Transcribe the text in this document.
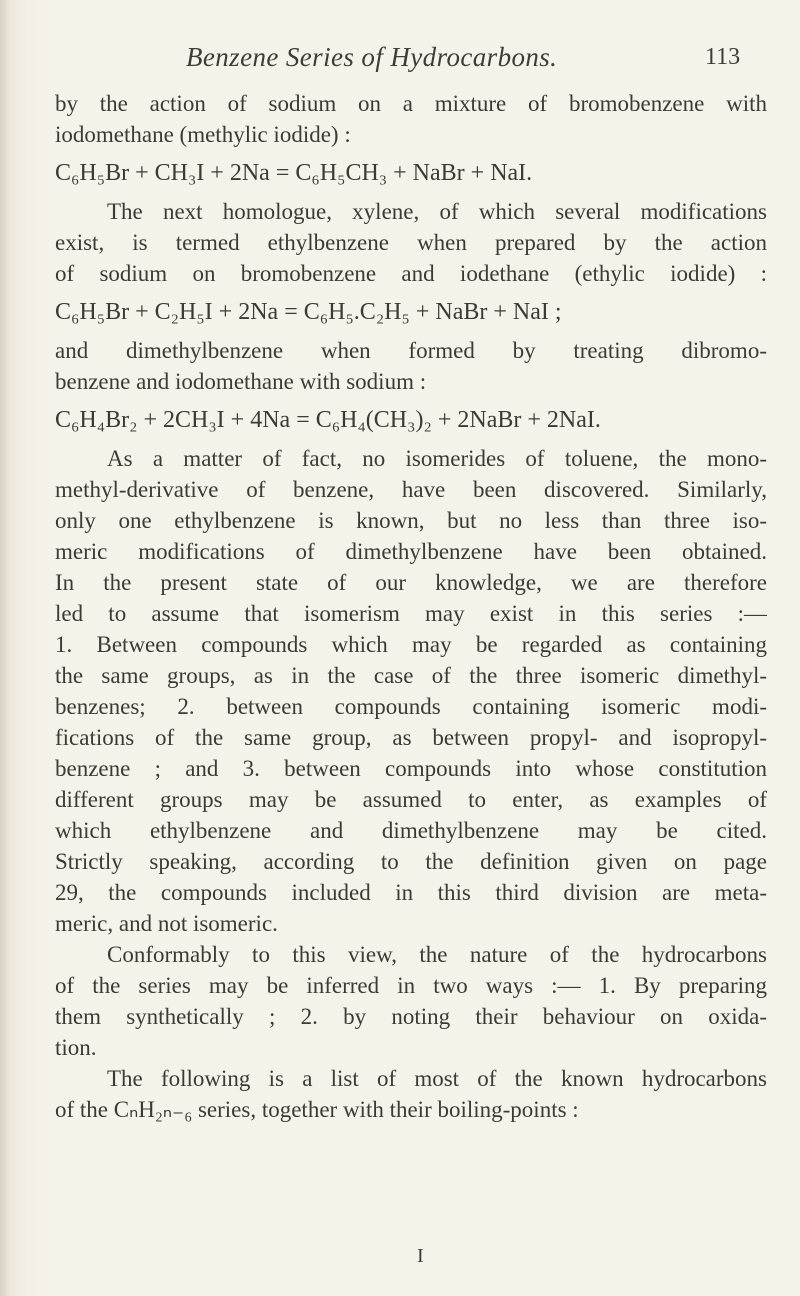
Benzene Series of Hydrocarbons.	113
by the action of sodium on a mixture of bromobenzene with
iodomethane (methylic iodide) :
C₆H₅Br + CH₃I + 2Na = C₆H₅CH₃ + NaBr + NaI.
The next homologue, xylene, of which several modifications
exist, is termed ethylbenzene when prepared by the action
of sodium on bromobenzene and iodethane (ethylic iodide) :
C₆H₅Br + C₂H₅I + 2Na = C₆H₅.C₂H₅ + NaBr + NaI ;
and dimethylbenzene when formed by treating dibromo-
benzene and iodomethane with sodium :
C₆H₄Br₂ + 2CH₃I + 4Na = C₆H₄(CH₃)₂ + 2NaBr + 2NaI.
As a matter of fact, no isomerides of toluene, the mono-
methyl-derivative of benzene, have been discovered. Similarly,
only one ethylbenzene is known, but no less than three iso-
meric modifications of dimethylbenzene have been obtained.
In the present state of our knowledge, we are therefore
led to assume that isomerism may exist in this series :—
1. Between compounds which may be regarded as containing
the same groups, as in the case of the three isomeric dimethyl-
benzenes; 2. between compounds containing isomeric modi-
fications of the same group, as between propyl- and isopropyl-
benzene ; and 3. between compounds into whose constitution
different groups may be assumed to enter, as examples of
which ethylbenzene and dimethylbenzene may be cited.
Strictly speaking, according to the definition given on page
29, the compounds included in this third division are meta-
meric, and not isomeric.
Conformably to this view, the nature of the hydrocarbons
of the series may be inferred in two ways :— 1. By preparing
them synthetically ; 2. by noting their behaviour on oxida-
tion.
The following is a list of most of the known hydrocarbons
of the CₙH₂ₙ₋₆ series, together with their boiling-points :
I
